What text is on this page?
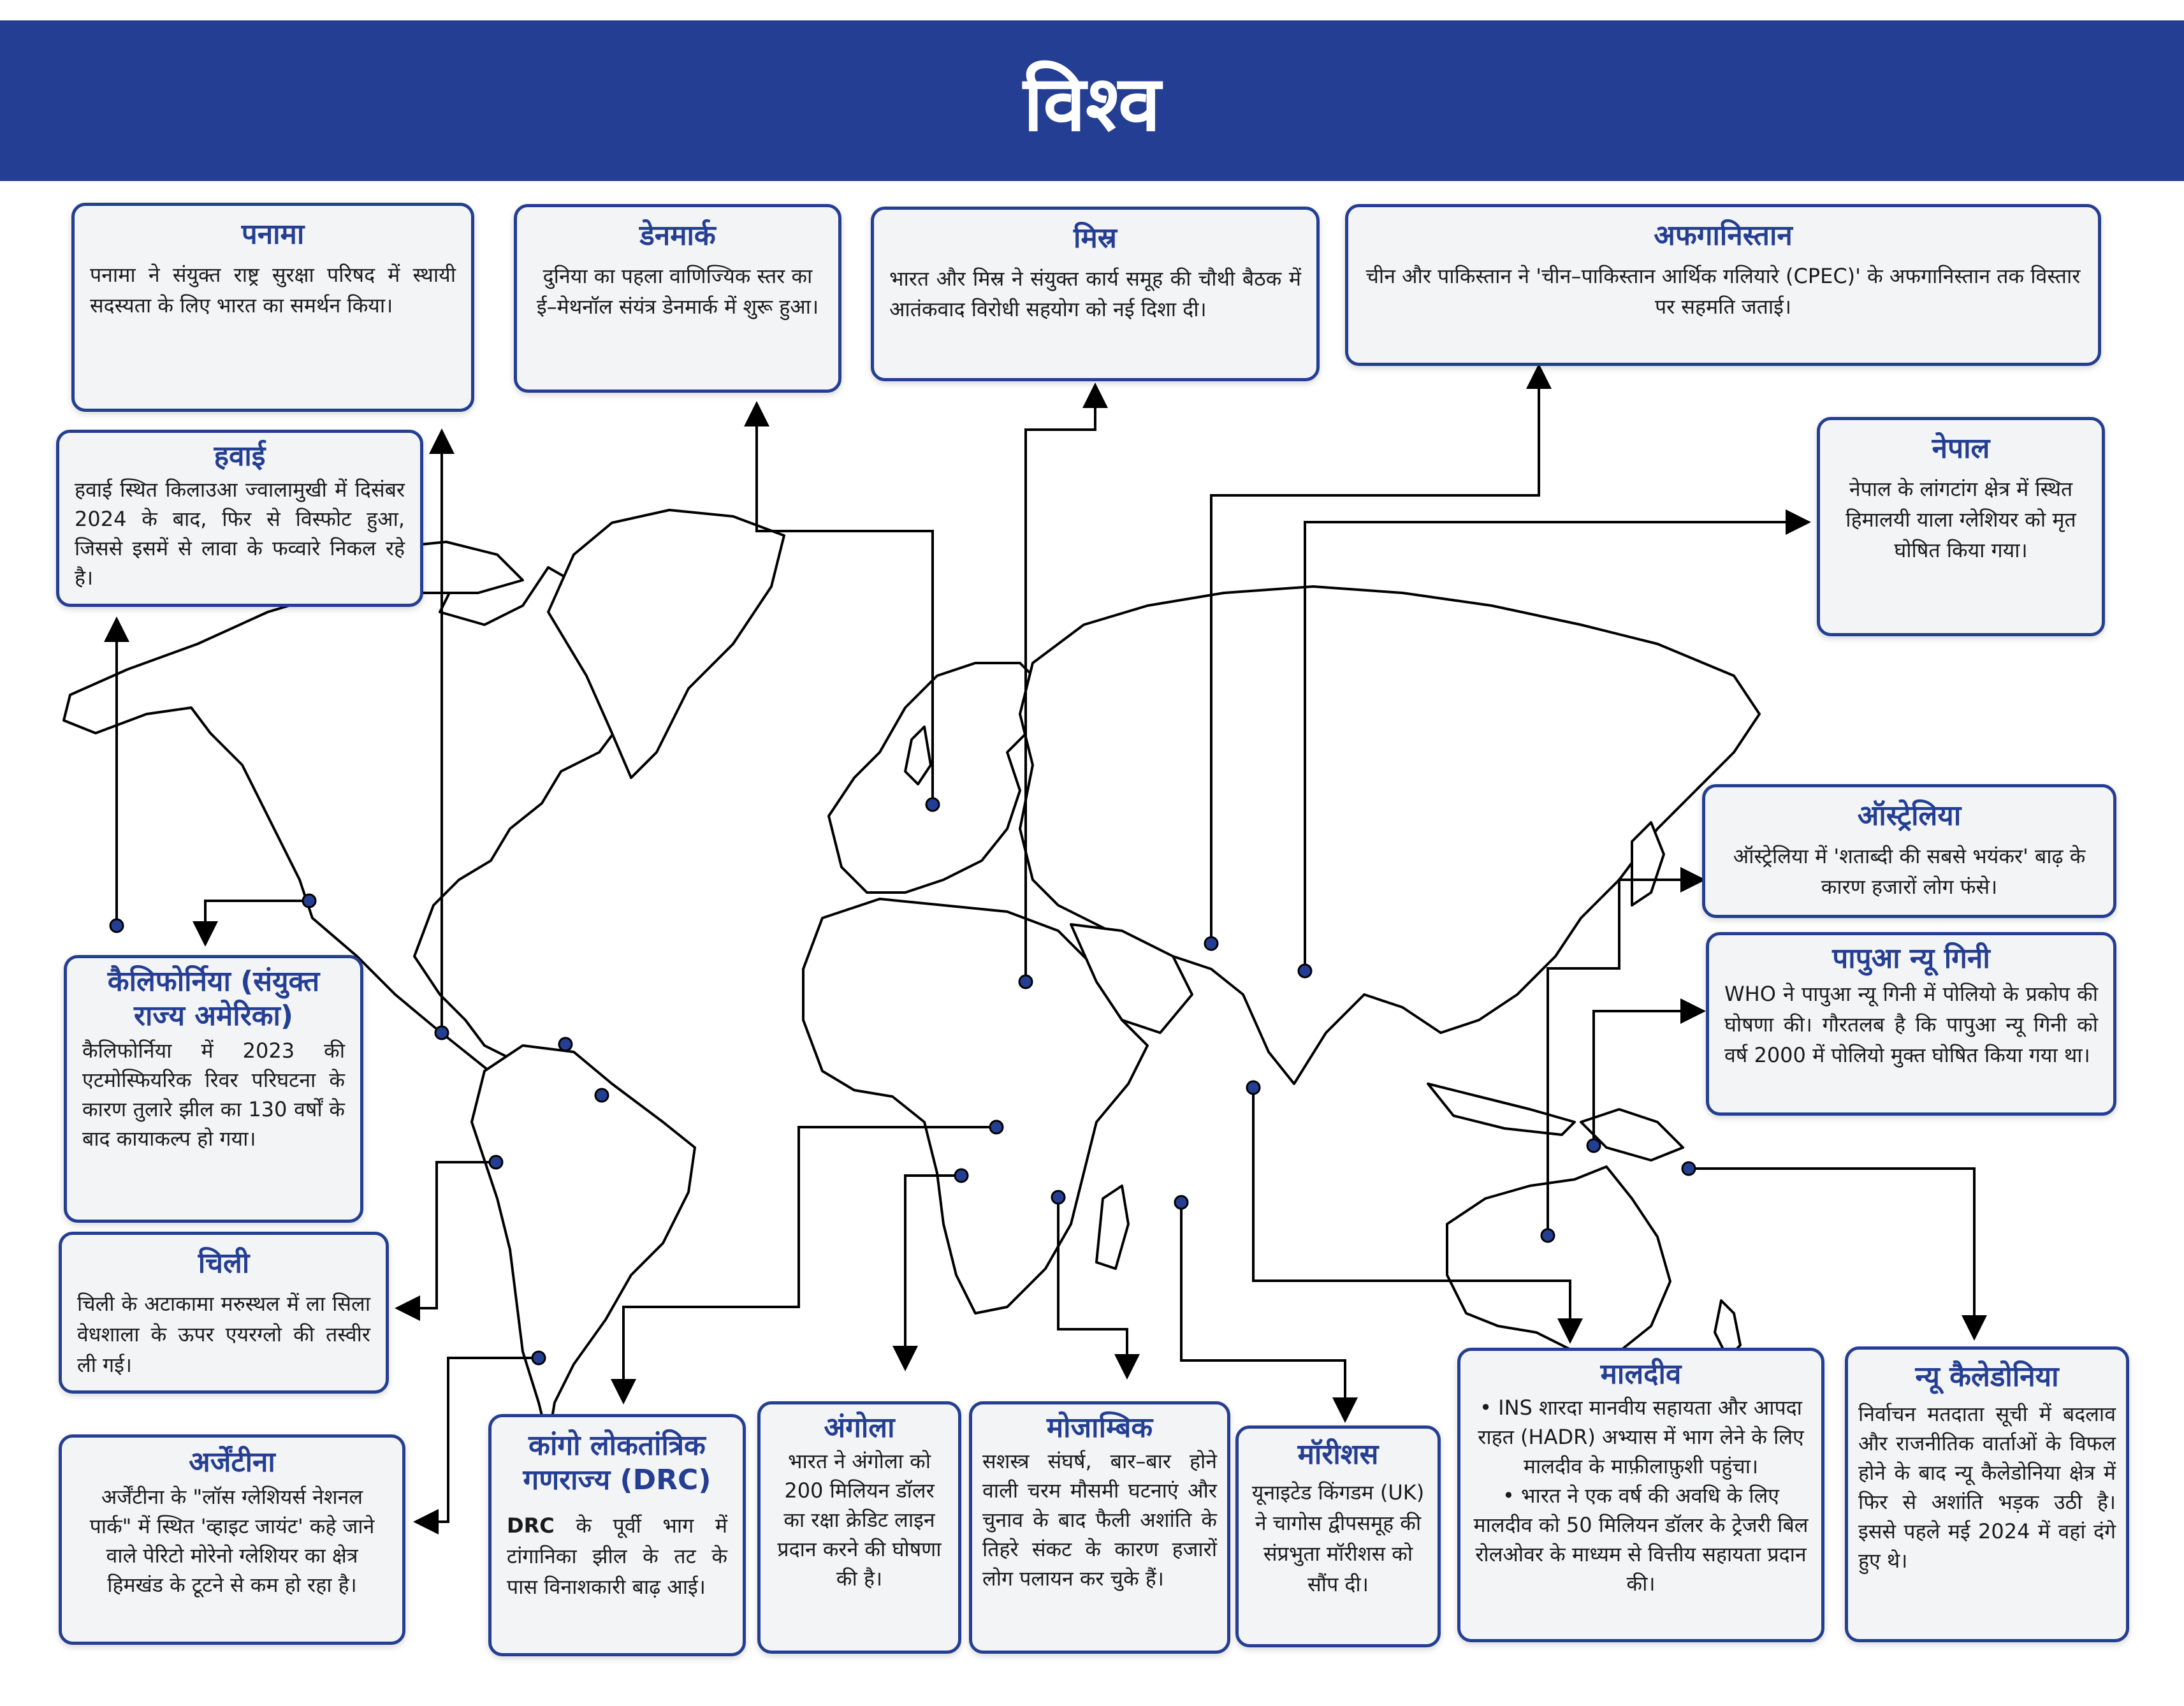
विश्व
पनामा

पनामा ने संयुक्त राष्ट्र सुरक्षा परिषद में स्थायी सदस्यता के लिए भारत का समर्थन किया।

डेनमार्क

दुनिया का पहला वाणिज्यिक स्तर का ई–मेथनॉल संयंत्र डेनमार्क में शुरू हुआ।

मिस्र

भारत और मिस्र ने संयुक्त कार्य समूह की चौथी बैठक में आतंकवाद विरोधी सहयोग को नई दिशा दी।

अफगानिस्तान

चीन और पाकिस्तान ने 'चीन–पाकिस्तान आर्थिक गलियारे (CPEC)' के अफगानिस्तान तक विस्तार पर सहमति जताई।

हवाई

हवाई स्थित किलाउआ ज्वालामुखी में दिसंबर 2024 के बाद, फिर से विस्फोट हुआ, जिससे इसमें से लावा के फव्वारे निकल रहे है।

नेपाल

नेपाल के लांगटांग क्षेत्र में स्थित हिमालयी याला ग्लेशियर को मृत घोषित किया गया।

ऑस्ट्रेलिया

ऑस्ट्रेलिया में 'शताब्दी की सबसे भयंकर' बाढ़ के कारण हजारों लोग फंसे।

पापुआ न्यू गिनी

WHO ने पापुआ न्यू गिनी में पोलियो के प्रकोप की घोषणा की। गौरतलब है कि पापुआ न्यू गिनी को वर्ष 2000 में पोलियो मुक्त घोषित किया गया था।

कैलिफोर्निया (संयुक्त राज्य अमेरिका)

कैलिफोर्निया में 2023 की एटमोस्फियरिक रिवर परिघटना के कारण तुलारे झील का 130 वर्षों के बाद कायाकल्प हो गया।

चिली

चिली के अटाकामा मरुस्थल में ला सिला वेधशाला के ऊपर एयरग्लो की तस्वीर ली गई।

अर्जेंटीना

अर्जेंटीना के "लॉस ग्लेशियर्स नेशनल पार्क" में स्थित 'व्हाइट जायंट' कहे जाने वाले पेरिटो मोरेनो ग्लेशियर का क्षेत्र हिमखंड के टूटने से कम हो रहा है।

कांगो लोकतांत्रिक गणराज्य (DRC)

DRC के पूर्वी भाग में टांगानिका झील के तट के पास विनाशकारी बाढ़ आई।

अंगोला

भारत ने अंगोला को 200 मिलियन डॉलर का रक्षा क्रेडिट लाइन प्रदान करने की घोषणा की है।

मोजाम्बिक

सशस्त्र संघर्ष, बार–बार होने वाली चरम मौसमी घटनाएं और चुनाव के बाद फैली अशांति के तिहरे संकट के कारण हजारों लोग पलायन कर चुके हैं।

मॉरीशस

यूनाइटेड किंगडम (UK) ने चागोस द्वीपसमूह की संप्रभुता मॉरीशस को सौंप दी।

मालदीव
• INS शारदा मानवीय सहायता और आपदा राहत (HADR) अभ्यास में भाग लेने के लिए मालदीव के माफ़ीलाफ़ुशी पहुंचा।
• भारत ने एक वर्ष की अवधि के लिए मालदीव को 50 मिलियन डॉलर के ट्रेजरी बिल रोलओवर के माध्यम से वित्तीय सहायता प्रदान की।
न्यू कैलेडोनिया

निर्वाचन मतदाता सूची में बदलाव और राजनीतिक वार्ताओं के विफल होने के बाद न्यू कैलेडोनिया क्षेत्र में फिर से अशांति भड़क उठी है। इससे पहले मई 2024 में वहां दंगे हुए थे।
